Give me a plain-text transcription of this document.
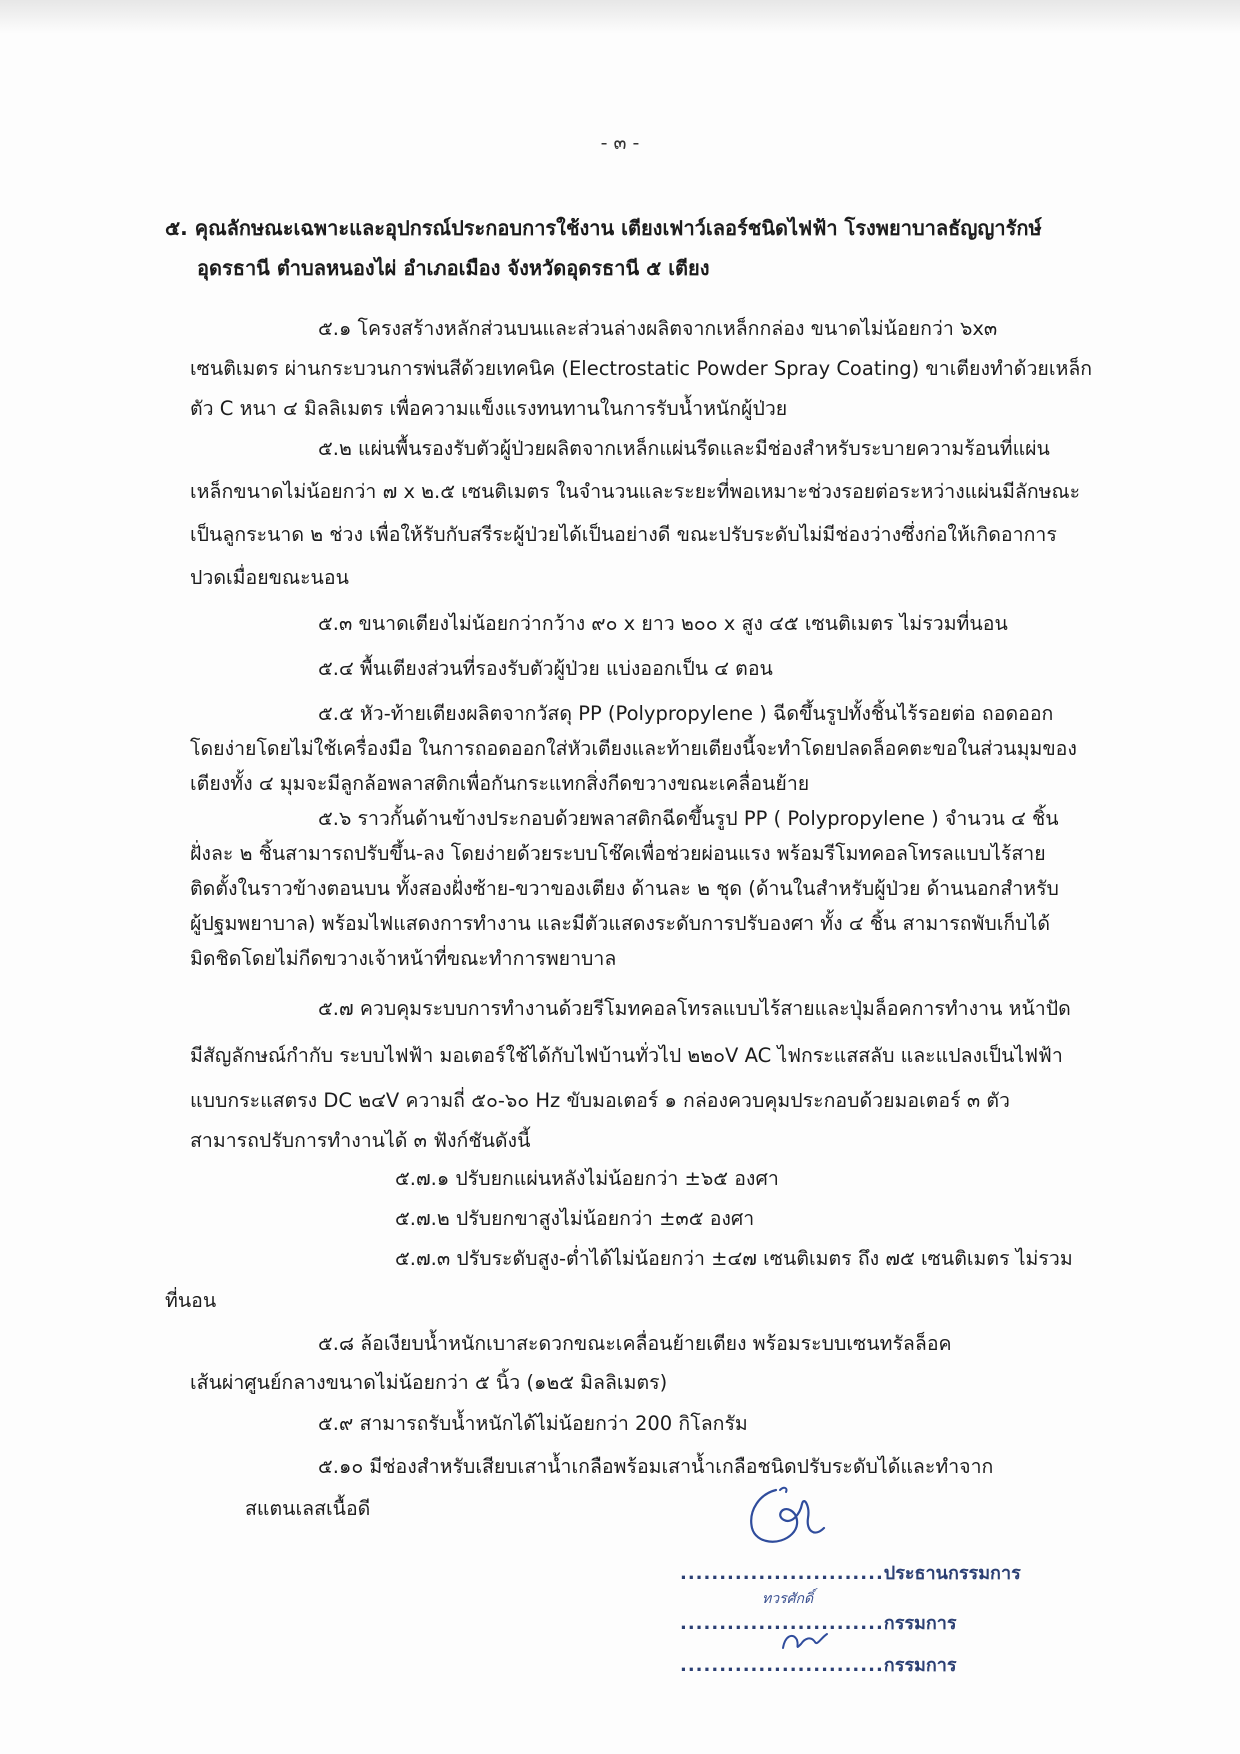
- ๓ -
๕. คุณลักษณะเฉพาะและอุปกรณ์ประกอบการใช้งาน เตียงเฟาว์เลอร์ชนิดไฟฟ้า โรงพยาบาลธัญญารักษ์
อุดรธานี ตำบลหนองไผ่ อำเภอเมือง จังหวัดอุดรธานี ๕ เตียง
๕.๑ โครงสร้างหลักส่วนบนและส่วนล่างผลิตจากเหล็กกล่อง ขนาดไม่น้อยกว่า ๖x๓
เซนติเมตร ผ่านกระบวนการพ่นสีด้วยเทคนิค (Electrostatic Powder Spray Coating) ขาเตียงทำด้วยเหล็ก
ตัว C หนา ๔ มิลลิเมตร เพื่อความแข็งแรงทนทานในการรับน้ำหนักผู้ป่วย
๕.๒ แผ่นพื้นรองรับตัวผู้ป่วยผลิตจากเหล็กแผ่นรีดและมีช่องสำหรับระบายความร้อนที่แผ่น
เหล็กขนาดไม่น้อยกว่า ๗ x ๒.๕ เซนติเมตร ในจำนวนและระยะที่พอเหมาะช่วงรอยต่อระหว่างแผ่นมีลักษณะ
เป็นลูกระนาด ๒ ช่วง เพื่อให้รับกับสรีระผู้ป่วยได้เป็นอย่างดี ขณะปรับระดับไม่มีช่องว่างซึ่งก่อให้เกิดอาการ
ปวดเมื่อยขณะนอน
๕.๓ ขนาดเตียงไม่น้อยกว่ากว้าง ๙๐ x ยาว ๒๐๐ x สูง ๔๕ เซนติเมตร ไม่รวมที่นอน
๕.๔ พื้นเตียงส่วนที่รองรับตัวผู้ป่วย แบ่งออกเป็น ๔ ตอน
๕.๕ หัว-ท้ายเตียงผลิตจากวัสดุ PP (Polypropylene ) ฉีดขึ้นรูปทั้งชิ้นไร้รอยต่อ ถอดออก
โดยง่ายโดยไม่ใช้เครื่องมือ ในการถอดออกใส่หัวเตียงและท้ายเตียงนี้จะทำโดยปลดล็อคตะขอในส่วนมุมของ
เตียงทั้ง ๔ มุมจะมีลูกล้อพลาสติกเพื่อกันกระแทกสิ่งกีดขวางขณะเคลื่อนย้าย
๕.๖ ราวกั้นด้านข้างประกอบด้วยพลาสติกฉีดขึ้นรูป PP ( Polypropylene ) จำนวน ๔ ชิ้น
ฝั่งละ ๒ ชิ้นสามารถปรับขึ้น-ลง โดยง่ายด้วยระบบโช๊คเพื่อช่วยผ่อนแรง พร้อมรีโมทคอลโทรลแบบไร้สาย
ติดตั้งในราวข้างตอนบน ทั้งสองฝั่งซ้าย-ขวาของเตียง ด้านละ ๒ ชุด (ด้านในสำหรับผู้ป่วย ด้านนอกสำหรับ
ผู้ปฐมพยาบาล) พร้อมไฟแสดงการทำงาน และมีตัวแสดงระดับการปรับองศา ทั้ง ๔ ชิ้น สามารถพับเก็บได้
มิดชิดโดยไม่กีดขวางเจ้าหน้าที่ขณะทำการพยาบาล
๕.๗ ควบคุมระบบการทำงานด้วยรีโมทคอลโทรลแบบไร้สายและปุ่มล็อคการทำงาน หน้าปัด
มีสัญลักษณ์กำกับ ระบบไฟฟ้า มอเตอร์ใช้ได้กับไฟบ้านทั่วไป ๒๒๐V AC ไฟกระแสสลับ และแปลงเป็นไฟฟ้า
แบบกระแสตรง DC ๒๔V ความถี่ ๕๐-๖๐ Hz ขับมอเตอร์ ๑ กล่องควบคุมประกอบด้วยมอเตอร์ ๓ ตัว
สามารถปรับการทำงานได้ ๓ ฟังก์ชันดังนี้
๕.๗.๑ ปรับยกแผ่นหลังไม่น้อยกว่า ±๖๕ องศา
๕.๗.๒ ปรับยกขาสูงไม่น้อยกว่า ±๓๕ องศา
๕.๗.๓ ปรับระดับสูง-ต่ำได้ไม่น้อยกว่า ±๔๗ เซนติเมตร ถึง ๗๕ เซนติเมตร ไม่รวม
ที่นอน
๕.๘ ล้อเงียบน้ำหนักเบาสะดวกขณะเคลื่อนย้ายเตียง พร้อมระบบเซนทรัลล็อค
เส้นผ่าศูนย์กลางขนาดไม่น้อยกว่า ๕ นิ้ว (๑๒๕ มิลลิเมตร)
๕.๙ สามารถรับน้ำหนักได้ไม่น้อยกว่า 200 กิโลกรัม
๕.๑๐ มีช่องสำหรับเสียบเสาน้ำเกลือพร้อมเสาน้ำเกลือชนิดปรับระดับได้และทำจาก
สแตนเลสเนื้อดี
..........................ประธานกรรมการ
ทวรศักดิ์
..........................กรรมการ
..........................กรรมการ
